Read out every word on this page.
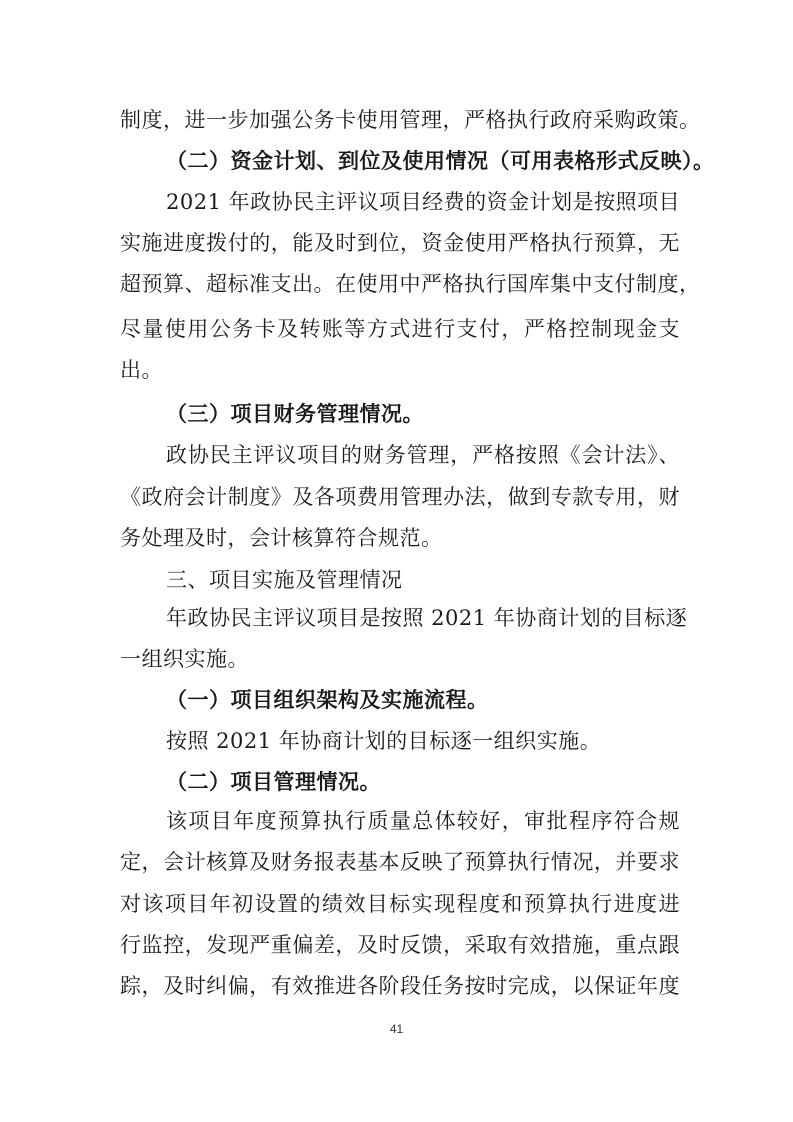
制度，进一步加强公务卡使用管理，严格执行政府采购政策。
（二）资金计划、到位及使用情况（可用表格形式反映）。
2021 年政协民主评议项目经费的资金计划是按照项目
实施进度拨付的，能及时到位，资金使用严格执行预算，无
超预算、超标准支出。在使用中严格执行国库集中支付制度，
尽量使用公务卡及转账等方式进行支付，严格控制现金支
出。
（三）项目财务管理情况。
政协民主评议项目的财务管理，严格按照《会计法》、
《政府会计制度》及各项费用管理办法，做到专款专用，财
务处理及时，会计核算符合规范。
三、项目实施及管理情况
年政协民主评议项目是按照 2021 年协商计划的目标逐
一组织实施。
（一）项目组织架构及实施流程。
按照 2021 年协商计划的目标逐一组织实施。
（二）项目管理情况。
该项目年度预算执行质量总体较好，审批程序符合规
定，会计核算及财务报表基本反映了预算执行情况，并要求
对该项目年初设置的绩效目标实现程度和预算执行进度进
行监控，发现严重偏差，及时反馈，采取有效措施，重点跟
踪，及时纠偏，有效推进各阶段任务按时完成，以保证年度
41
